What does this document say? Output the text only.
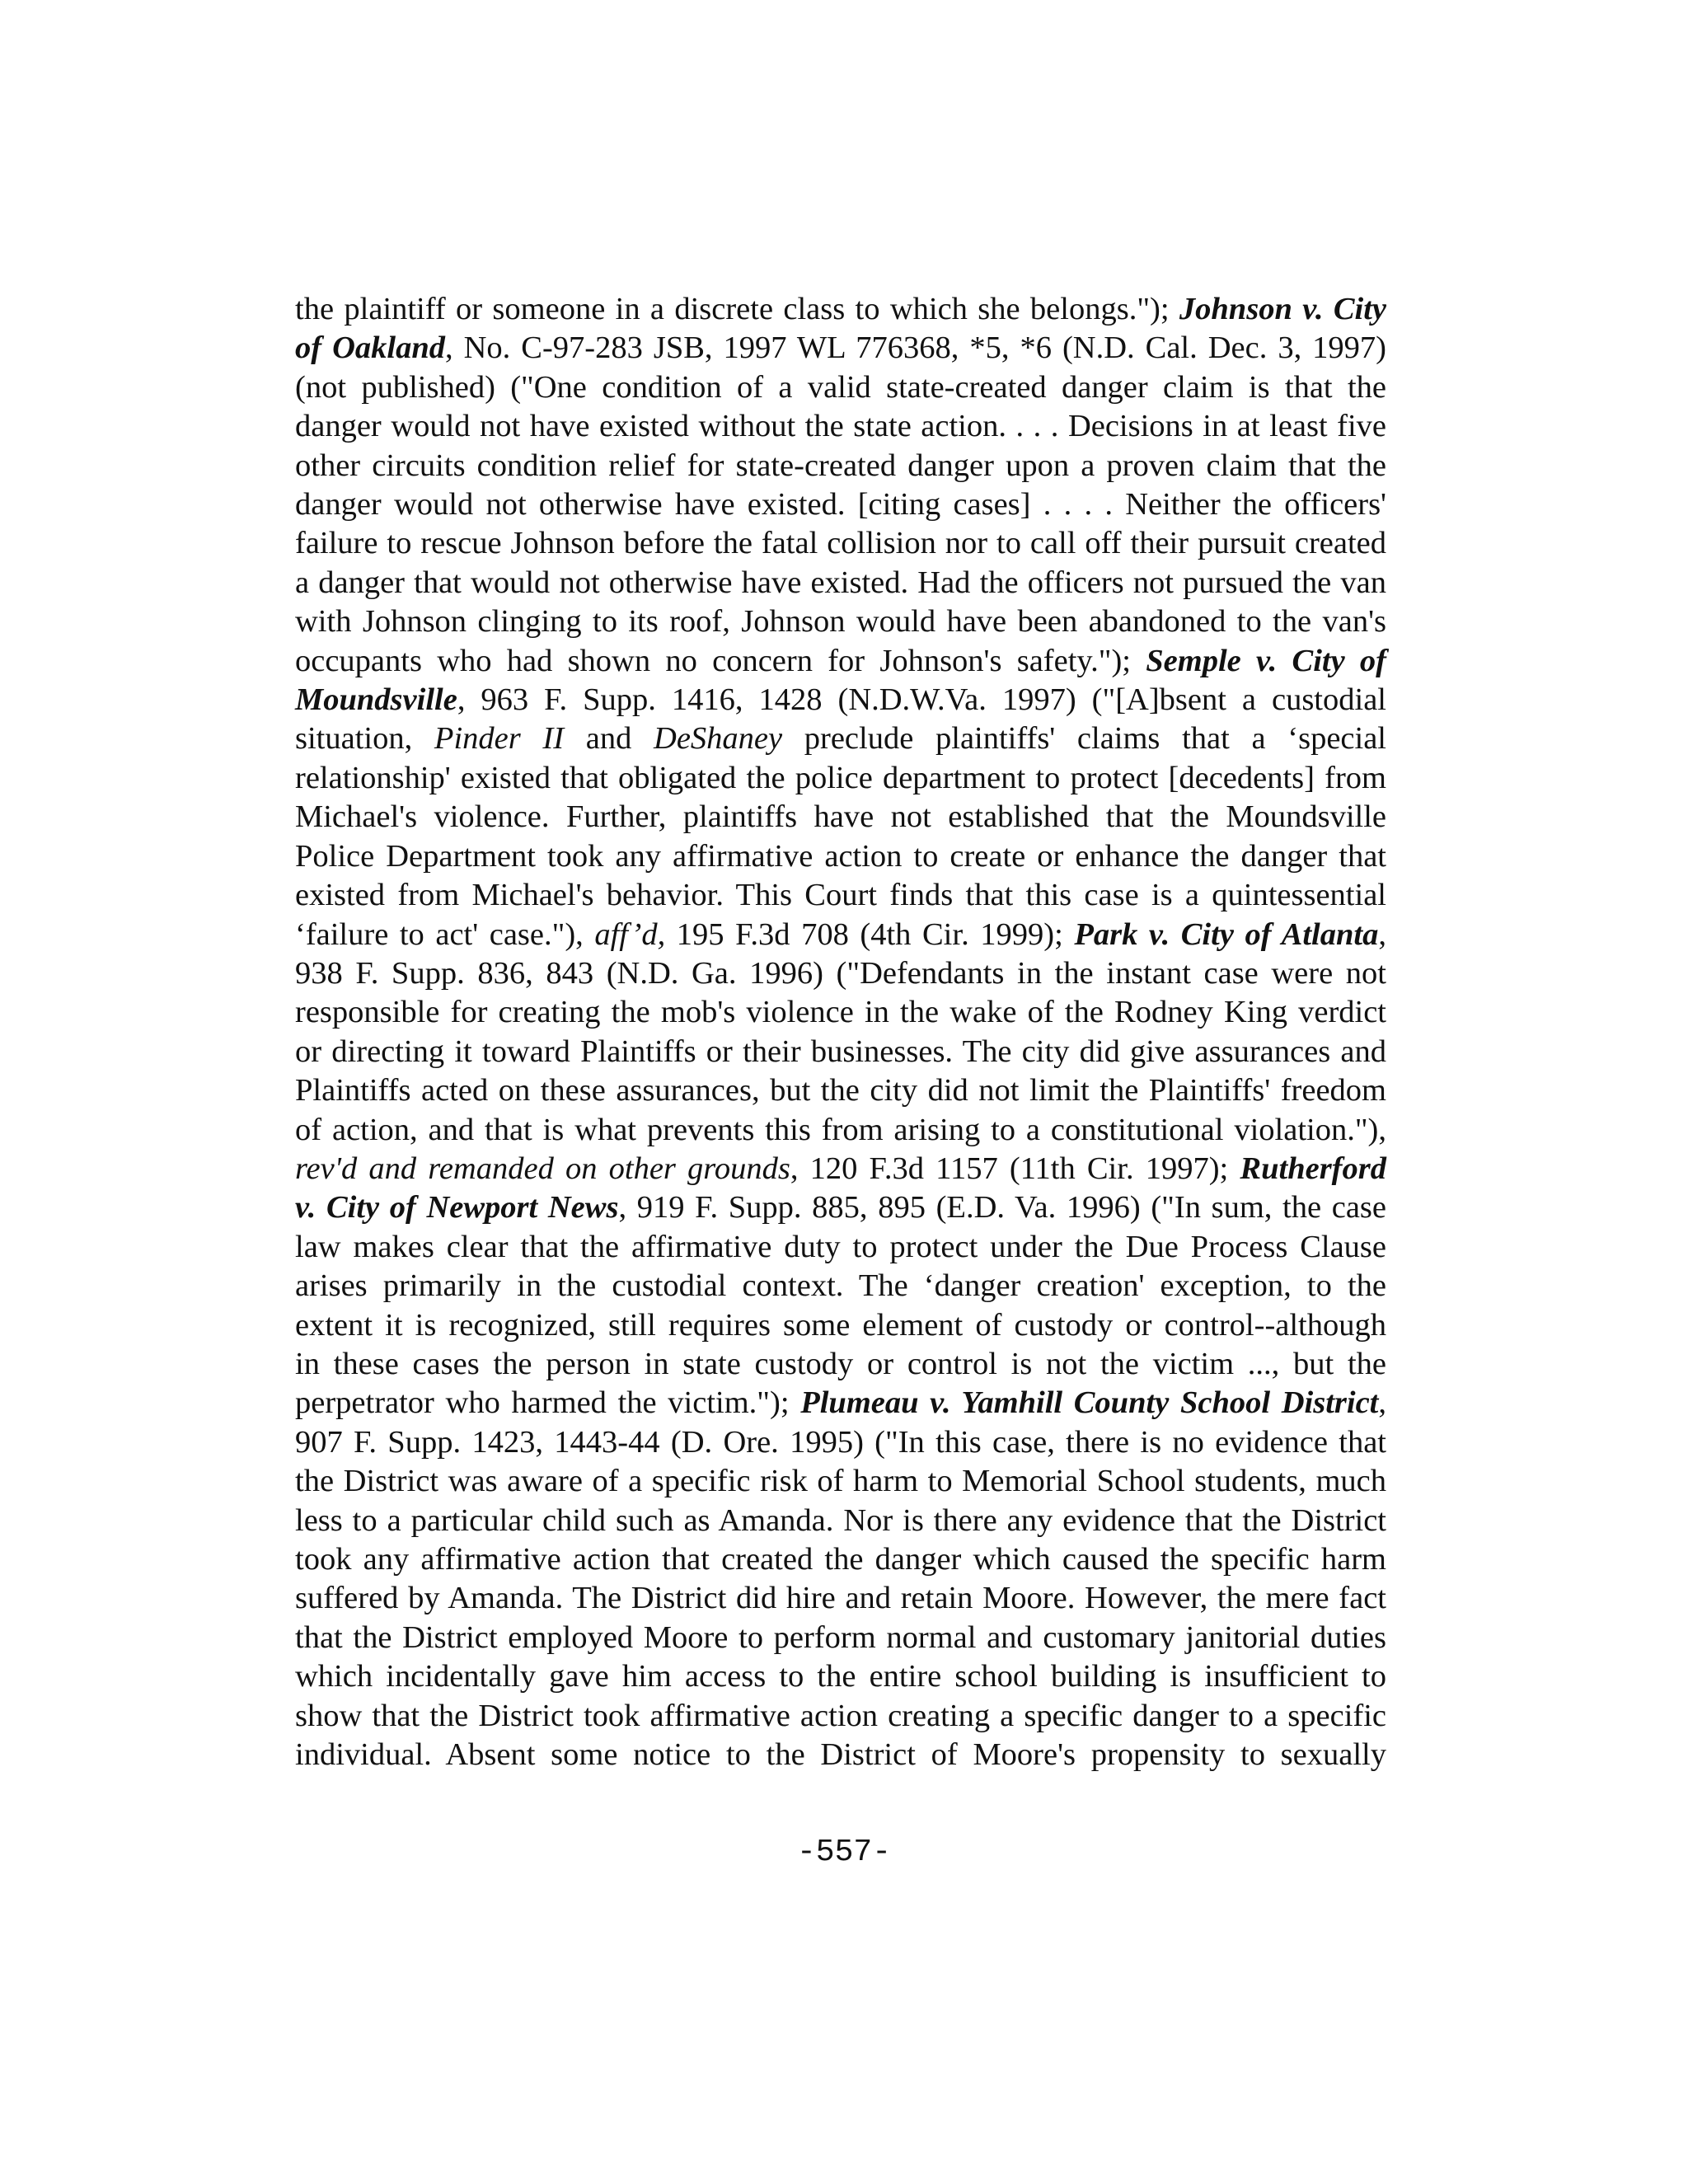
the plaintiff or someone in a discrete class to which she belongs."); Johnson v. City
of Oakland, No. C-97-283 JSB, 1997 WL 776368, *5, *6 (N.D. Cal. Dec. 3, 1997)
(not published) ("One condition of a valid state-created danger claim is that the
danger would not have existed without the state action. . . . Decisions in at least five
other circuits condition relief for state-created danger upon a proven claim that the
danger would not otherwise have existed. [citing cases] . . . . Neither the officers'
failure to rescue Johnson before the fatal collision nor to call off their pursuit created
a danger that would not otherwise have existed. Had the officers not pursued the van
with Johnson clinging to its roof, Johnson would have been abandoned to the van's
occupants who had shown no concern for Johnson's safety."); Semple v. City of
Moundsville, 963 F. Supp. 1416, 1428 (N.D.W.Va. 1997) ("[A]bsent a custodial
situation, Pinder II and DeShaney preclude plaintiffs' claims that a ‘special
relationship' existed that obligated the police department to protect [decedents] from
Michael's violence. Further, plaintiffs have not established that the Moundsville
Police Department took any affirmative action to create or enhance the danger that
existed from Michael's behavior. This Court finds that this case is a quintessential
‘failure to act' case."), aff’d, 195 F.3d 708 (4th Cir. 1999); Park v. City of Atlanta,
938 F. Supp. 836, 843 (N.D. Ga. 1996) ("Defendants in the instant case were not
responsible for creating the mob's violence in the wake of the Rodney King verdict
or directing it toward Plaintiffs or their businesses. The city did give assurances and
Plaintiffs acted on these assurances, but the city did not limit the Plaintiffs' freedom
of action, and that is what prevents this from arising to a constitutional violation."),
rev'd and remanded on other grounds, 120 F.3d 1157 (11th Cir. 1997); Rutherford
v. City of Newport News, 919 F. Supp. 885, 895 (E.D. Va. 1996) ("In sum, the case
law makes clear that the affirmative duty to protect under the Due Process Clause
arises primarily in the custodial context. The ‘danger creation' exception, to the
extent it is recognized, still requires some element of custody or control--although
in these cases the person in state custody or control is not the victim ..., but the
perpetrator who harmed the victim."); Plumeau v. Yamhill County School District,
907 F. Supp. 1423, 1443-44 (D. Ore. 1995) ("In this case, there is no evidence that
the District was aware of a specific risk of harm to Memorial School students, much
less to a particular child such as Amanda. Nor is there any evidence that the District
took any affirmative action that created the danger which caused the specific harm
suffered by Amanda. The District did hire and retain Moore. However, the mere fact
that the District employed Moore to perform normal and customary janitorial duties
which incidentally gave him access to the entire school building is insufficient to
show that the District took affirmative action creating a specific danger to a specific
individual. Absent some notice to the District of Moore's propensity to sexually
-557-
